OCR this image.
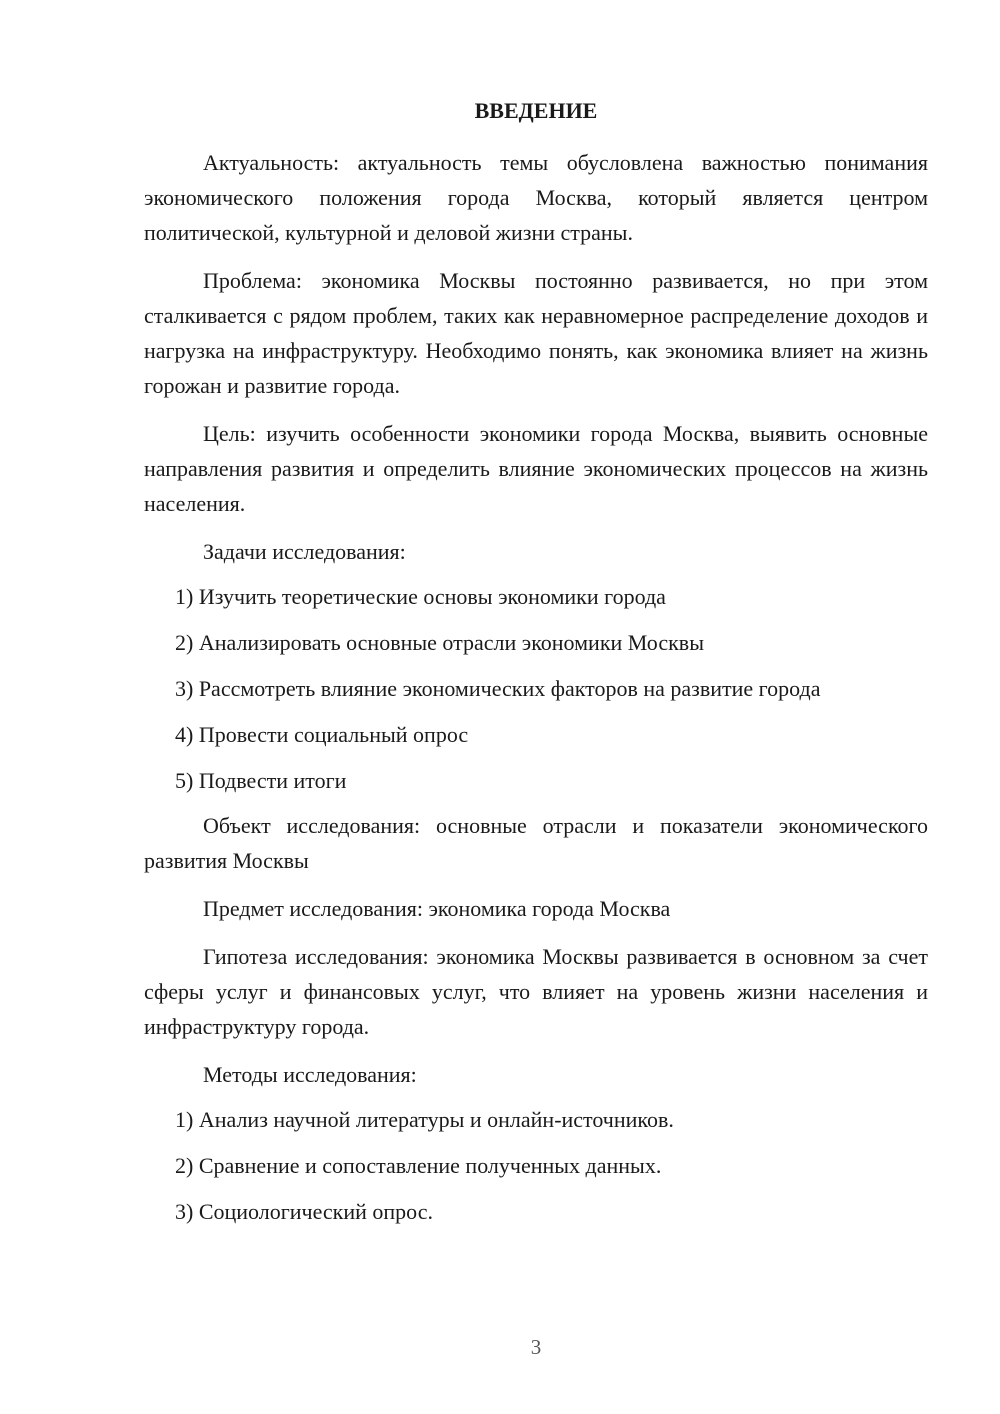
ВВЕДЕНИЕ

Актуальность: актуальность темы обусловлена важностью понимания экономического положения города Москва, который является центром политической, культурной и деловой жизни страны.

Проблема: экономика Москвы постоянно развивается, но при этом сталкивается с рядом проблем, таких как неравномерное распределение доходов и нагрузка на инфраструктуру. Необходимо понять, как экономика влияет на жизнь горожан и развитие города.

Цель: изучить особенности экономики города Москва, выявить основные направления развития и определить влияние экономических процессов на жизнь населения.

Задачи исследования:
1) Изучить теоретические основы экономики города
2) Анализировать основные отрасли экономики Москвы
3) Рассмотреть влияние экономических факторов на развитие города
4) Провести социальный опрос
5) Подвести итоги

Объект исследования: основные отрасли и показатели экономического развития Москвы

Предмет исследования: экономика города Москва

Гипотеза исследования: экономика Москвы развивается в основном за счет сферы услуг и финансовых услуг, что влияет на уровень жизни населения и инфраструктуру города.

Методы исследования:
1) Анализ научной литературы и онлайн-источников.
2) Сравнение и сопоставление полученных данных.
3) Социологический опрос.
3
